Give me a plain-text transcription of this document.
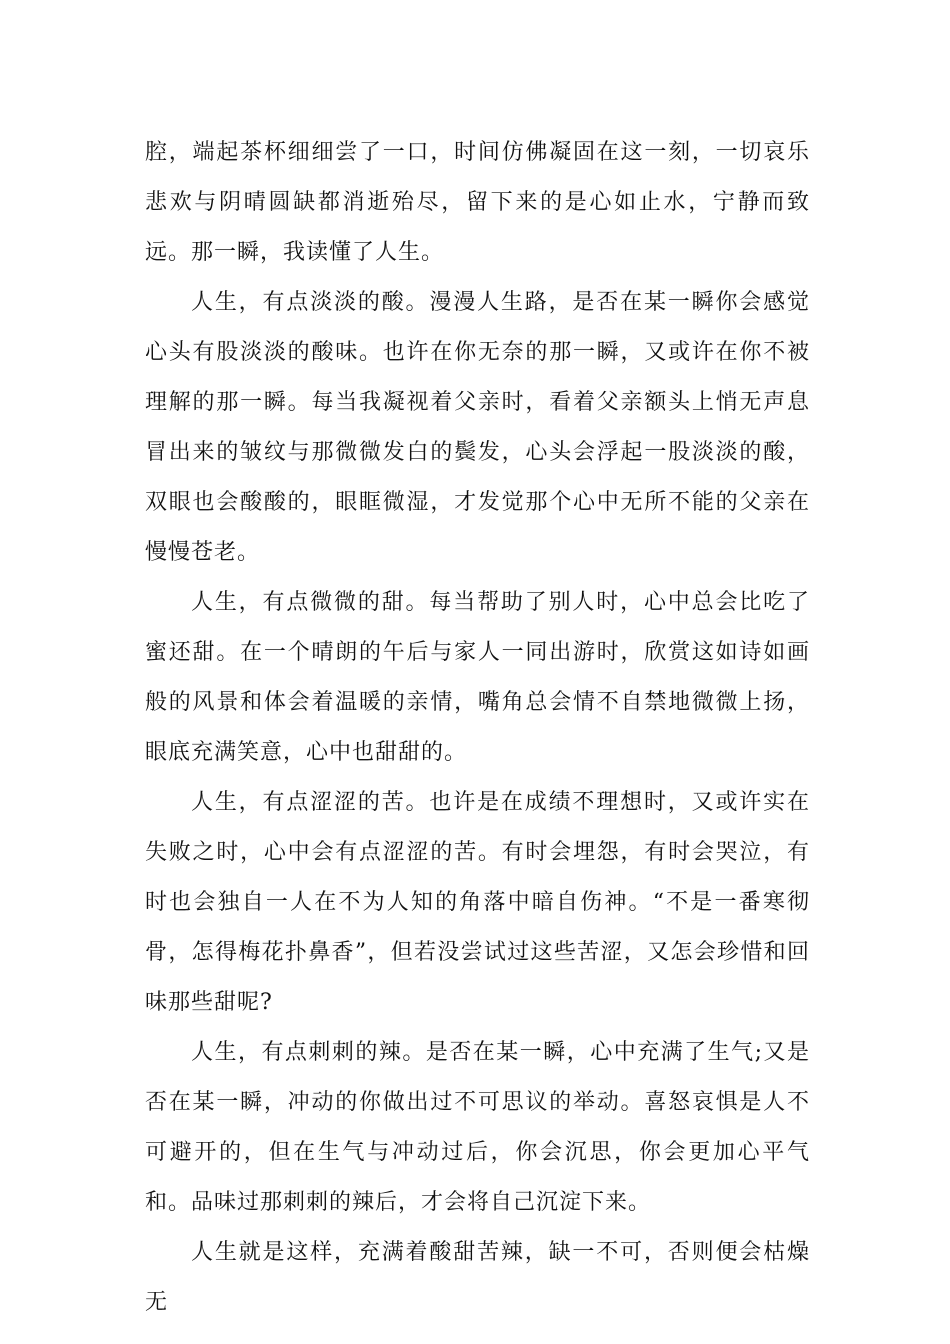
腔，端起茶杯细细尝了一口，时间仿佛凝固在这一刻，一切哀乐悲欢与阴晴圆缺都消逝殆尽，留下来的是心如止水，宁静而致远。那一瞬，我读懂了人生。

人生，有点淡淡的酸。漫漫人生路，是否在某一瞬你会感觉心头有股淡淡的酸味。也许在你无奈的那一瞬，又或许在你不被理解的那一瞬。每当我凝视着父亲时，看着父亲额头上悄无声息冒出来的皱纹与那微微发白的鬓发，心头会浮起一股淡淡的酸，双眼也会酸酸的，眼眶微湿，才发觉那个心中无所不能的父亲在慢慢苍老。

人生，有点微微的甜。每当帮助了别人时，心中总会比吃了蜜还甜。在一个晴朗的午后与家人一同出游时，欣赏这如诗如画般的风景和体会着温暖的亲情，嘴角总会情不自禁地微微上扬，眼底充满笑意，心中也甜甜的。

人生，有点涩涩的苦。也许是在成绩不理想时，又或许实在失败之时，心中会有点涩涩的苦。有时会埋怨，有时会哭泣，有时也会独自一人在不为人知的角落中暗自伤神。“不是一番寒彻骨，怎得梅花扑鼻香”，但若没尝试过这些苦涩，又怎会珍惜和回味那些甜呢?

人生，有点刺刺的辣。是否在某一瞬，心中充满了生气;又是否在某一瞬，冲动的你做出过不可思议的举动。喜怒哀惧是人不可避开的，但在生气与冲动过后，你会沉思，你会更加心平气和。品味过那刺刺的辣后，才会将自己沉淀下来。

人生就是这样，充满着酸甜苦辣，缺一不可，否则便会枯燥无
